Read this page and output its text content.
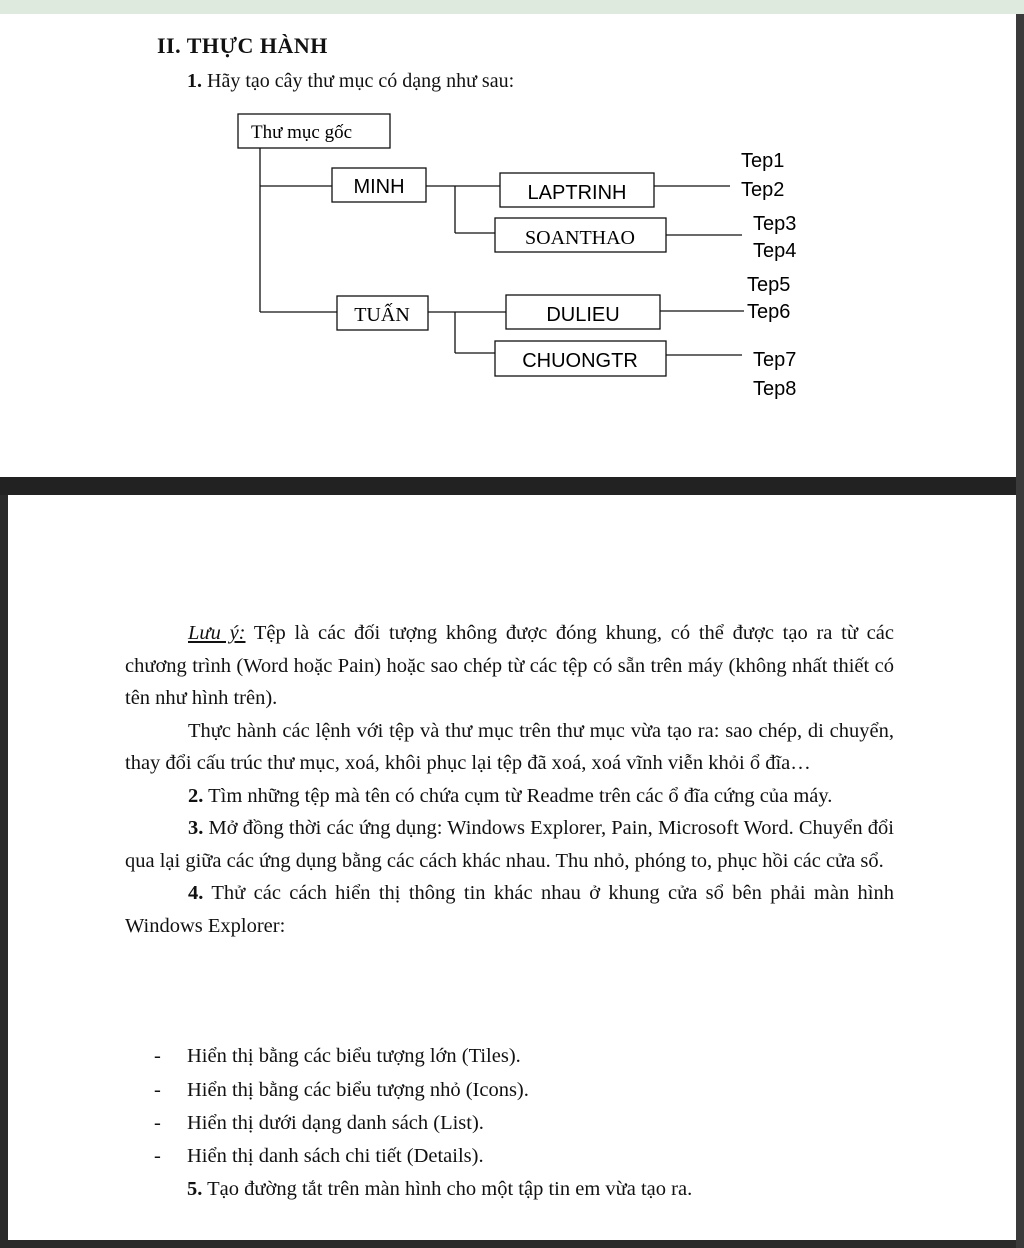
II. THỰC HÀNH
1. Hãy tạo cây thư mục có dạng như sau:
Thư mục gốc
MINH	LAPTRINH
SOANTHAO
TUẤN	DULIEU
CHUONGTR
Tep1
Tep2
Tep3
Tep4
Tep5
Tep6
Tep7
Tep8

Lưu ý: Tệp là các đối tượng không được đóng khung, có thể được tạo ra từ các chương trình (Word hoặc Pain) hoặc sao chép từ các tệp có sẵn trên máy (không nhất thiết có tên như hình trên).

Thực hành các lệnh với tệp và thư mục trên thư mục vừa tạo ra: sao chép, di chuyển, thay đổi cấu trúc thư mục, xoá, khôi phục lại tệp đã xoá, xoá vĩnh viễn khỏi ổ đĩa…

2. Tìm những tệp mà tên có chứa cụm từ Readme trên các ổ đĩa cứng của máy.

3. Mở đồng thời các ứng dụng: Windows Explorer, Pain, Microsoft Word. Chuyển đổi qua lại giữa các ứng dụng bằng các cách khác nhau. Thu nhỏ, phóng to, phục hồi các cửa sổ.

4. Thử các cách hiển thị thông tin khác nhau ở khung cửa sổ bên phải màn hình Windows Explorer:

- Hiển thị bằng các biểu tượng lớn (Tiles).
- Hiển thị bằng các biểu tượng nhỏ (Icons).
- Hiển thị dưới dạng danh sách (List).
- Hiển thị danh sách chi tiết (Details).
5. Tạo đường tắt trên màn hình cho một tập tin em vừa tạo ra.
